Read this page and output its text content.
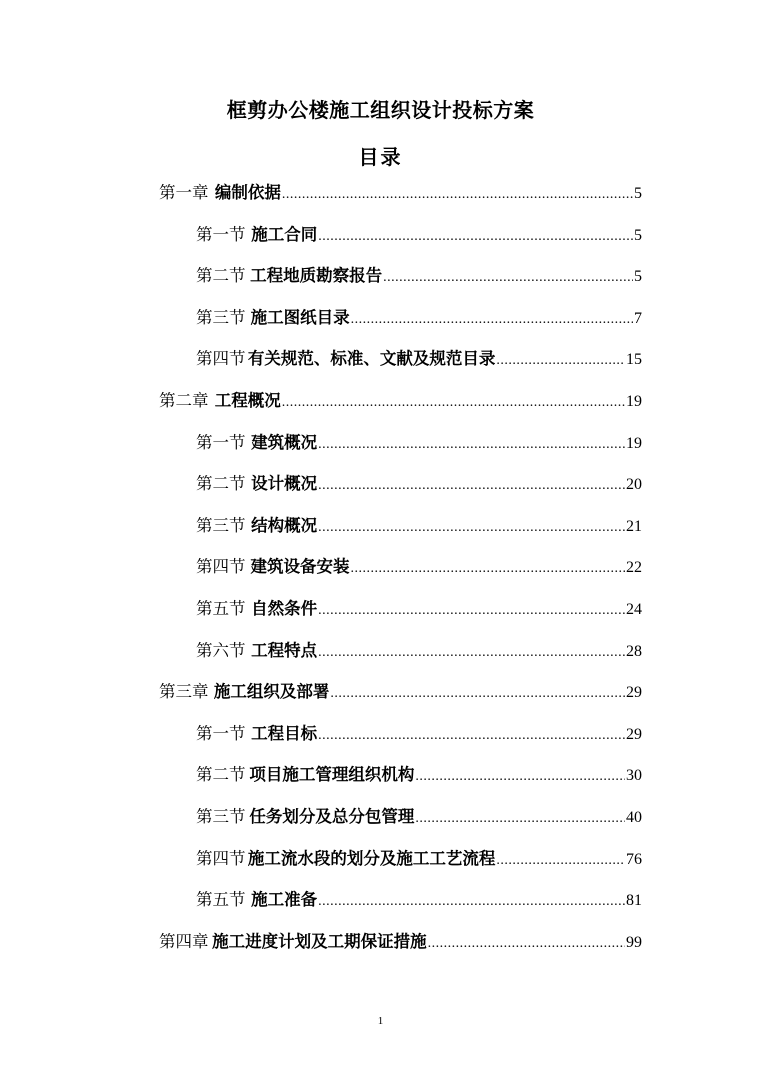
框剪办公楼施工组织设计投标方案
目录
第一章 编制依据 .....	5
第一节 施工合同 .....	5
第二节 工程地质勘察报告 .....	5
第三节 施工图纸目录 .....	7
第四节 有关规范、标准、文献及规范目录 .....	15
第二章 工程概况 .....	19
第一节 建筑概况 .....	19
第二节 设计概况 .....	20
第三节 结构概况 .....	21
第四节 建筑设备安装 .....	22
第五节 自然条件 .....	24
第六节 工程特点 .....	28
第三章 施工组织及部署 .....	29
第一节 工程目标 .....	29
第二节 项目施工管理组织机构 .....	30
第三节 任务划分及总分包管理 .....	40
第四节 施工流水段的划分及施工工艺流程 .....	76
第五节 施工准备 .....	81
第四章 施工进度计划及工期保证措施 .....	99
1
